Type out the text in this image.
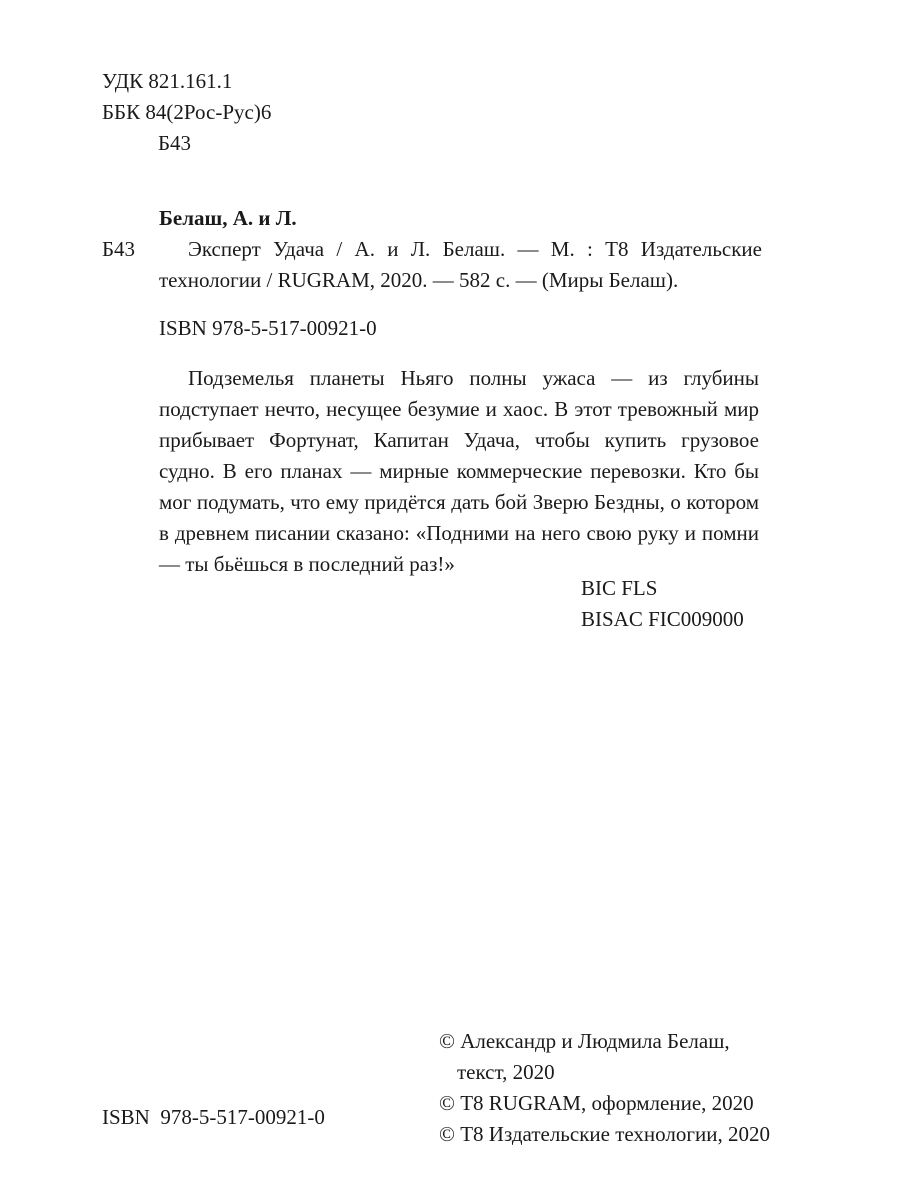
УДК 821.161.1
ББК 84(2Рос-Рус)6
Б43
Белаш, А. и Л.
Б43	Эксперт Удача / А. и Л. Белаш. — М. : Т8 Издательские технологии / RUGRAM, 2020. — 582 с. — (Миры Белаш).
ISBN 978-5-517-00921-0
Подземелья планеты Ньяго полны ужаса — из глубины подступает нечто, несущее безумие и хаос. В этот тревожный мир прибывает Фортунат, Капитан Удача, чтобы купить грузовое судно. В его планах — мирные коммерческие перевозки. Кто бы мог подумать, что ему придётся дать бой Зверю Бездны, о котором в древнем писании сказано: «Подними на него свою руку и помни — ты бьёшься в последний раз!»
BIC FLS
BISAC FIC009000
© Александр и Людмила Белаш,
текст, 2020
© Т8 RUGRAM, оформление, 2020
© Т8 Издательские технологии, 2020
ISBN  978-5-517-00921-0
